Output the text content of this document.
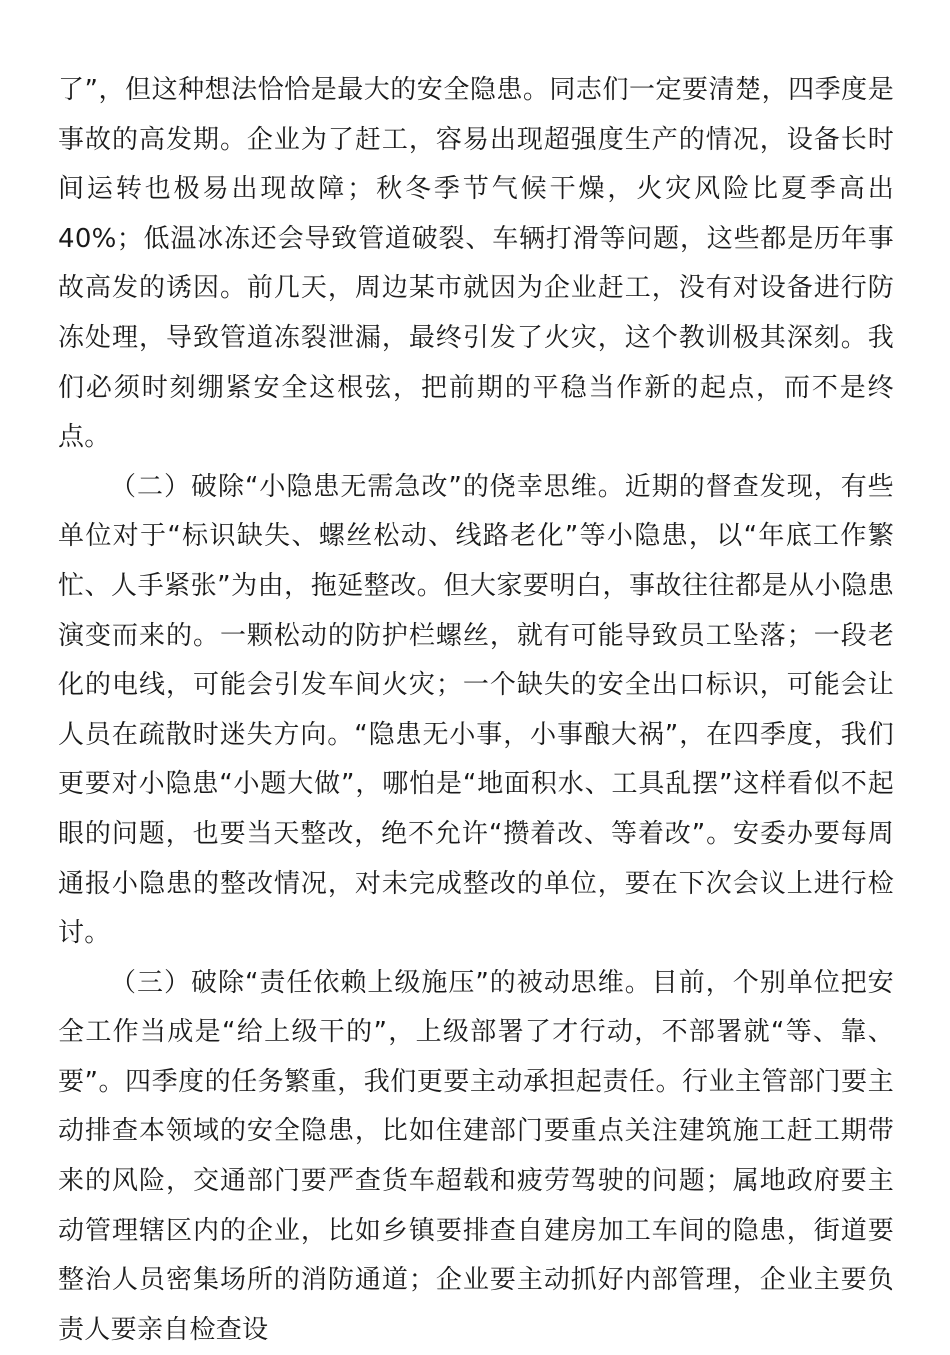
了”，但这种想法恰恰是最大的安全隐患。同志们一定要清楚，四季度是事故的高发期。企业为了赶工，容易出现超强度生产的情况，设备长时间运转也极易出现故障；秋冬季节气候干燥，火灾风险比夏季高出 40%；低温冰冻还会导致管道破裂、车辆打滑等问题，这些都是历年事故高发的诱因。前几天，周边某市就因为企业赶工，没有对设备进行防冻处理，导致管道冻裂泄漏，最终引发了火灾，这个教训极其深刻。我们必须时刻绷紧安全这根弦，把前期的平稳当作新的起点，而不是终点。

（二）破除“小隐患无需急改”的侥幸思维。近期的督查发现，有些单位对于“标识缺失、螺丝松动、线路老化”等小隐患，以“年底工作繁忙、人手紧张”为由，拖延整改。但大家要明白，事故往往都是从小隐患演变而来的。一颗松动的防护栏螺丝，就有可能导致员工坠落；一段老化的电线，可能会引发车间火灾；一个缺失的安全出口标识，可能会让人员在疏散时迷失方向。“隐患无小事，小事酿大祸”，在四季度，我们更要对小隐患“小题大做”，哪怕是“地面积水、工具乱摆”这样看似不起眼的问题，也要当天整改，绝不允许“攒着改、等着改”。安委办要每周通报小隐患的整改情况，对未完成整改的单位，要在下次会议上进行检讨。

（三）破除“责任依赖上级施压”的被动思维。目前，个别单位把安全工作当成是“给上级干的”，上级部署了才行动，不部署就“等、靠、要”。四季度的任务繁重，我们更要主动承担起责任。行业主管部门要主动排查本领域的安全隐患，比如住建部门要重点关注建筑施工赶工期带来的风险，交通部门要严查货车超载和疲劳驾驶的问题；属地政府要主动管理辖区内的企业，比如乡镇要排查自建房加工车间的隐患，街道要整治人员密集场所的消防通道；企业要主动抓好内部管理，企业主要负责人要亲自检查设
